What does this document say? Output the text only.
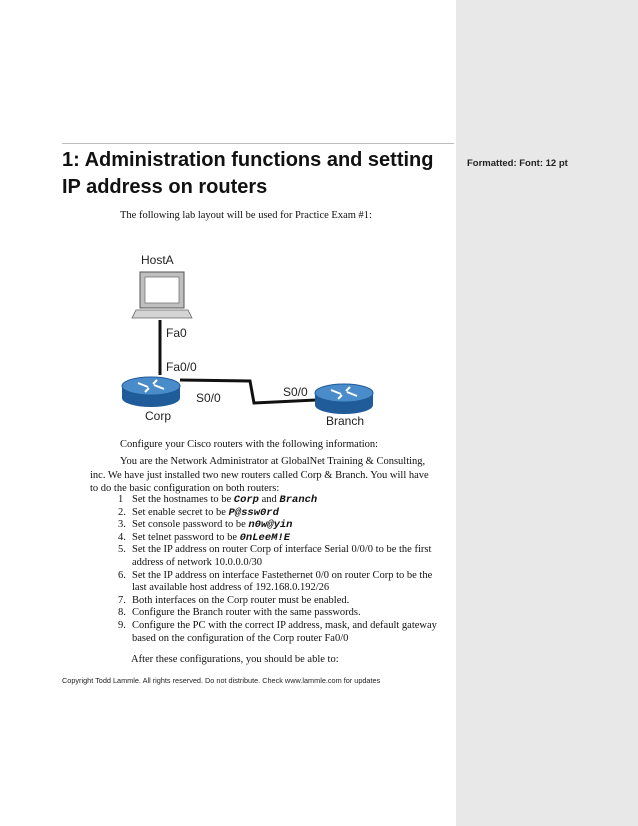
Formatted: Font: 12 pt
1: Administration functions and setting IP address on routers

The following lab layout will be used for Practice Exam #1:

HostA
Fa0
Fa0/0
S0/0	S0/0
Corp	Branch

Configure your Cisco routers with the following information:

You are the Network Administrator at GlobalNet Training & Consulting,
inc. We have just installed two new routers called Corp & Branch. You will have
to do the basic configuration on both routers:
1 Set the hostnames to be Corp and Branch
2. Set enable secret to be P@ssw0rd
3. Set console password to be n0w@yin
4. Set telnet password to be 0nLeeM!E
5. Set the IP address on router Corp of interface Serial 0/0/0 to be the first
address of network 10.0.0.0/30
6. Set the IP address on interface Fastethernet 0/0 on router Corp to be the
last available host address of 192.168.0.192/26
7. Both interfaces on the Corp router must be enabled.
8. Configure the Branch router with the same passwords.
9. Configure the PC with the correct IP address, mask, and default gateway
based on the configuration of the Corp router Fa0/0

After these configurations, you should be able to:

Copyright Todd Lammle. All rights reserved. Do not distribute. Check www.lammle.com for updates
